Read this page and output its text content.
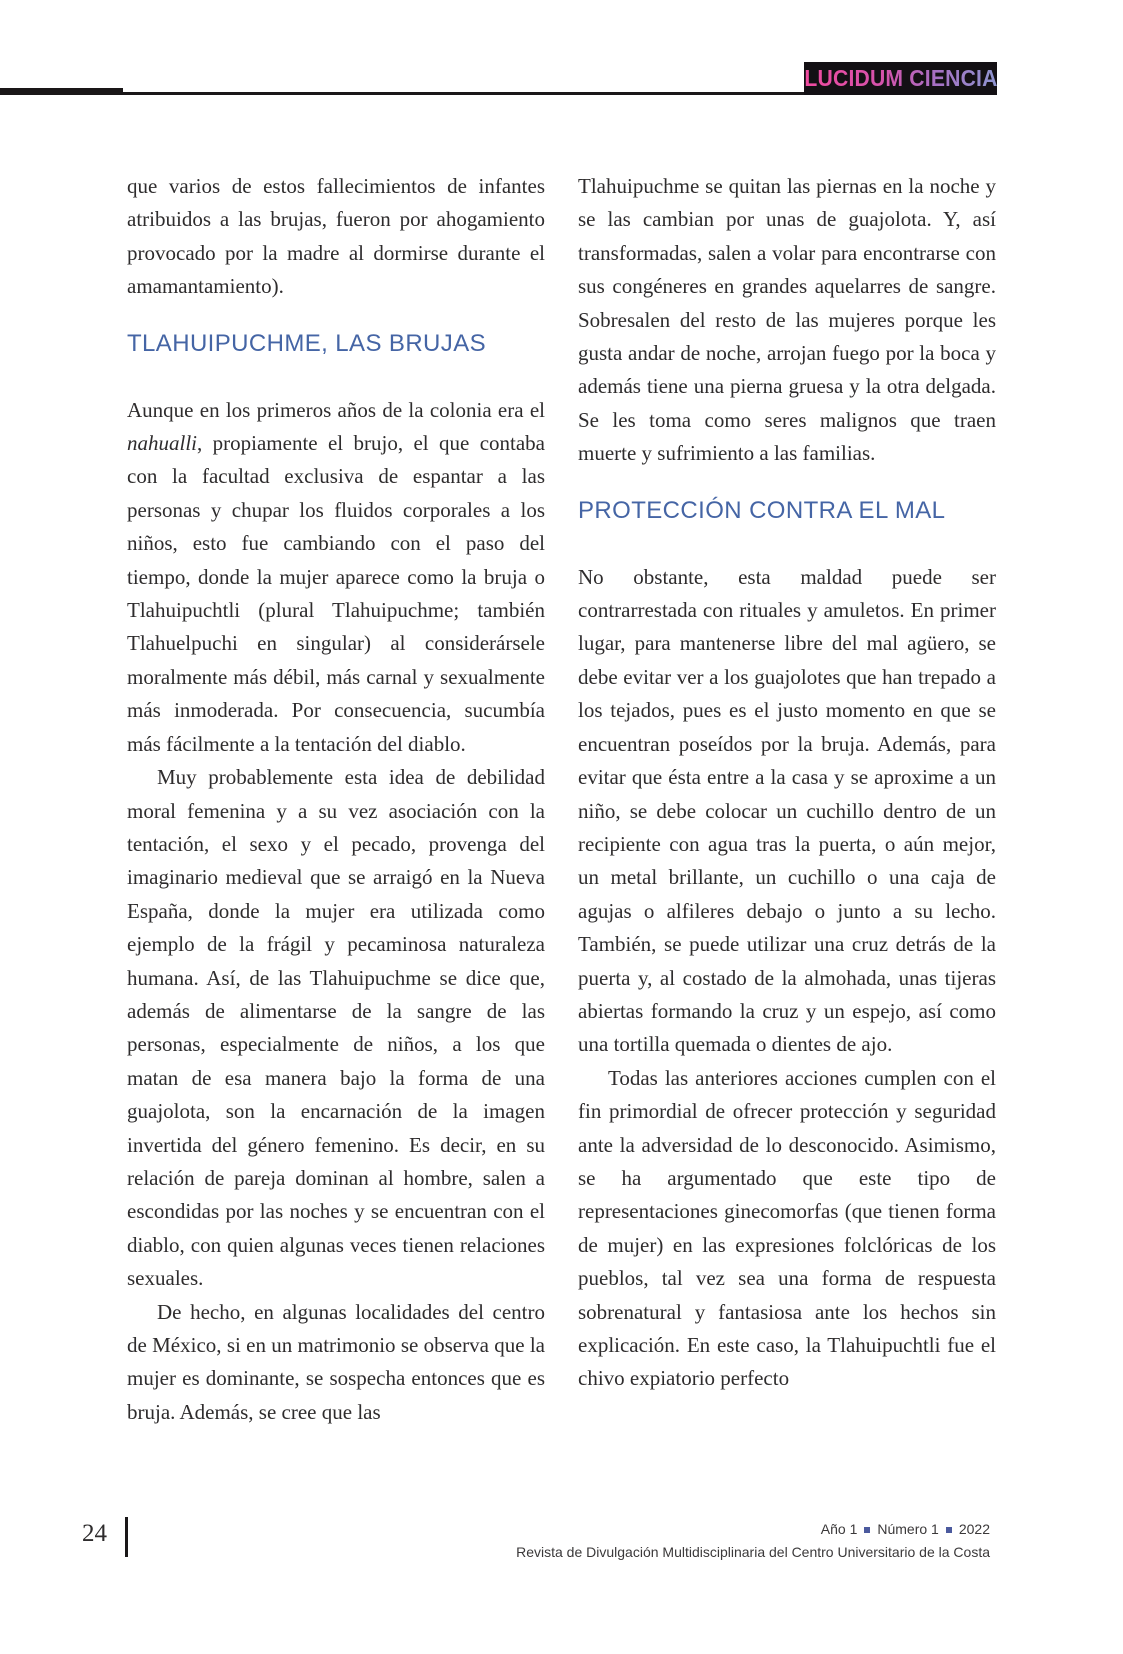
LUCIDUM CIENCIA

que varios de estos fallecimientos de infantes atribuidos a las brujas, fueron por ahogamiento provocado por la madre al dormirse durante el amamantamiento).

TLAHUIPUCHME, LAS BRUJAS

Aunque en los primeros años de la colonia era el nahualli, propiamente el brujo, el que contaba con la facultad exclusiva de espantar a las personas y chupar los fluidos corporales a los niños, esto fue cambiando con el paso del tiempo, donde la mujer aparece como la bruja o Tlahuipuchtli (plural Tlahuipuchme; también Tlahuelpuchi en singular) al considerársele moralmente más débil, más carnal y sexualmente más inmoderada. Por consecuencia, sucumbía más fácilmente a la tentación del diablo.

Muy probablemente esta idea de debilidad moral femenina y a su vez asociación con la tentación, el sexo y el pecado, provenga del imaginario medieval que se arraigó en la Nueva España, donde la mujer era utilizada como ejemplo de la frágil y pecaminosa naturaleza humana. Así, de las Tlahuipuchme se dice que, además de alimentarse de la sangre de las personas, especialmente de niños, a los que matan de esa manera bajo la forma de una guajolota, son la encarnación de la imagen invertida del género femenino. Es decir, en su relación de pareja dominan al hombre, salen a escondidas por las noches y se encuentran con el diablo, con quien algunas veces tienen relaciones sexuales.

De hecho, en algunas localidades del centro de México, si en un matrimonio se observa que la mujer es dominante, se sospecha entonces que es bruja. Además, se cree que las

Tlahuipuchme se quitan las piernas en la noche y se las cambian por unas de guajolota. Y, así transformadas, salen a volar para encontrarse con sus congéneres en grandes aquelarres de sangre. Sobresalen del resto de las mujeres porque les gusta andar de noche, arrojan fuego por la boca y además tiene una pierna gruesa y la otra delgada. Se les toma como seres malignos que traen muerte y sufrimiento a las familias.

PROTECCIÓN CONTRA EL MAL

No obstante, esta maldad puede ser contrarrestada con rituales y amuletos. En primer lugar, para mantenerse libre del mal agüero, se debe evitar ver a los guajolotes que han trepado a los tejados, pues es el justo momento en que se encuentran poseídos por la bruja. Además, para evitar que ésta entre a la casa y se aproxime a un niño, se debe colocar un cuchillo dentro de un recipiente con agua tras la puerta, o aún mejor, un metal brillante, un cuchillo o una caja de agujas o alfileres debajo o junto a su lecho. También, se puede utilizar una cruz detrás de la puerta y, al costado de la almohada, unas tijeras abiertas formando la cruz y un espejo, así como una tortilla quemada o dientes de ajo.

Todas las anteriores acciones cumplen con el fin primordial de ofrecer protección y seguridad ante la adversidad de lo desconocido. Asimismo, se ha argumentado que este tipo de representaciones ginecomorfas (que tienen forma de mujer) en las expresiones folclóricas de los pueblos, tal vez sea una forma de respuesta sobrenatural y fantasiosa ante los hechos sin explicación. En este caso, la Tlahuipuchtli fue el chivo expiatorio perfecto

24	Año 1 Número 1 2022
Revista de Divulgación Multidisciplinaria del Centro Universitario de la Costa
